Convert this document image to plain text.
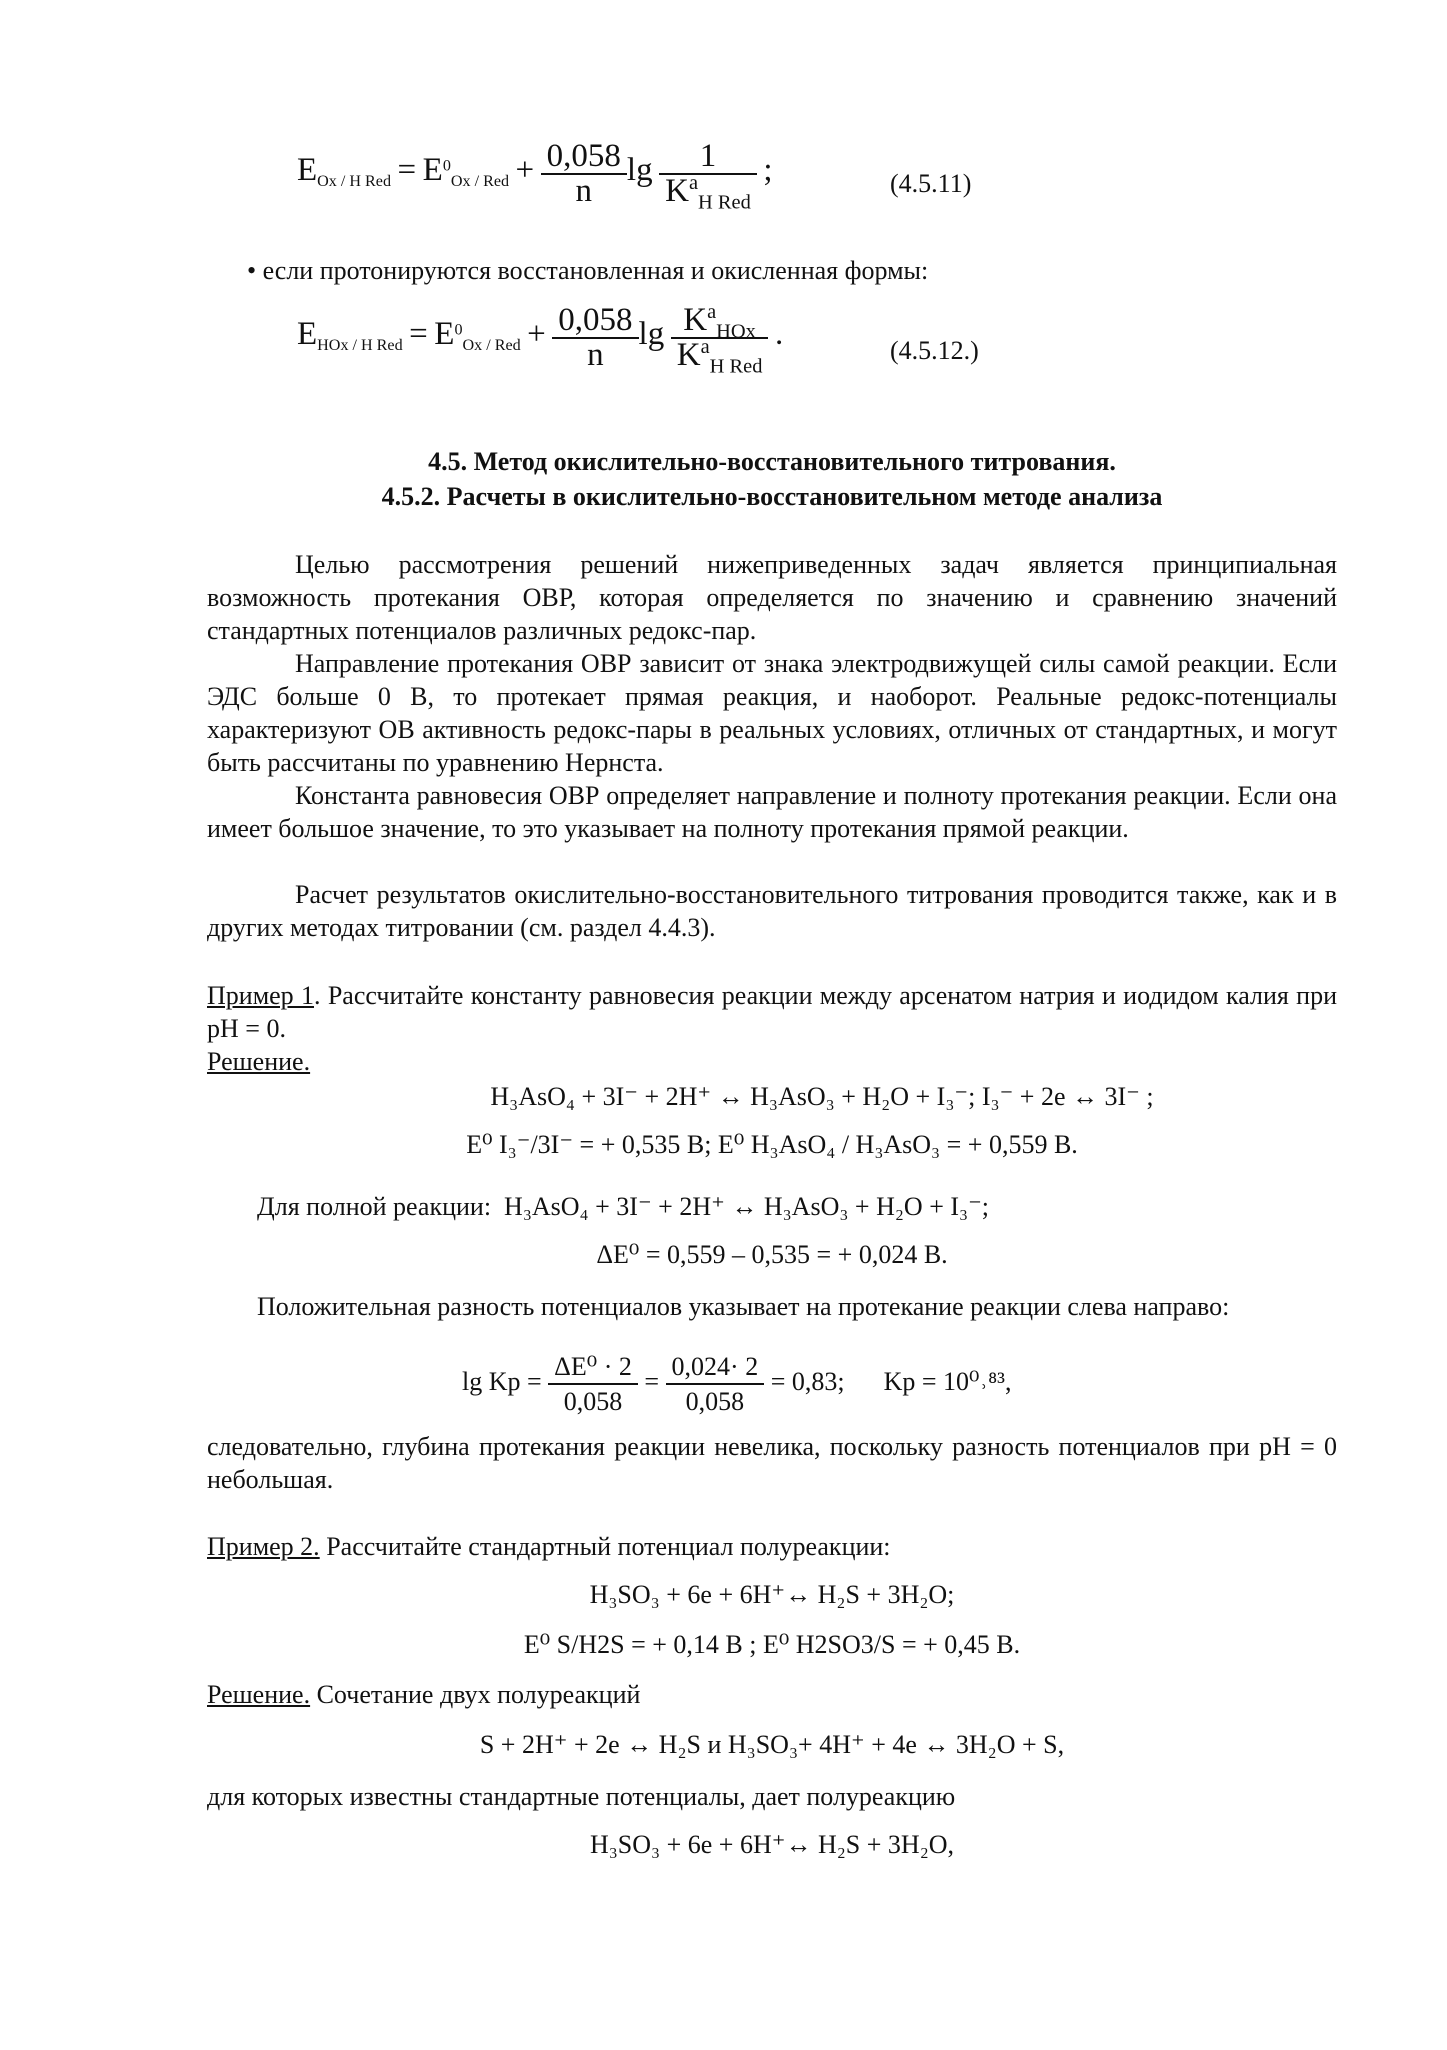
$E_{Ox / H Red} = E^0_{Ox / Red} + \frac{0,058}{n}$ $\lg \frac{1}{K^a_{H Red}}$ ;	(4.5.11)
• если протонируются восстановленная и окисленная формы:
$E_{HOx / H Red} = E^0_{Ox / Red} + \frac{0,058}{n}$ $\lg \frac{K^a_{HOx}}{K^a_{H Red}}$ .	(4.5.12.)
4.5. Метод окислительно-восстановительного титрования.
4.5.2. Расчеты в окислительно-восстановительном методе анализа

Целью рассмотрения решений нижеприведенных задач является принципиальная возможность протекания ОВР, которая определяется по значению и сравнению значений стандартных потенциалов различных редокс-пар.

Направление протекания ОВР зависит от знака электродвижущей силы самой реакции. Если ЭДС больше 0 В, то протекает прямая реакция, и наоборот. Реальные редокс-потенциалы характеризуют ОВ активность редокс-пары в реальных условиях, отличных от стандартных, и могут быть рассчитаны по уравнению Нернста.

Константа равновесия ОВР определяет направление и полноту протекания реакции. Если она имеет большое значение, то это указывает на полноту протекания прямой реакции.

Расчет результатов окислительно-восстановительного титрования проводится также, как и в других методах титровании (см. раздел 4.4.3).

Пример 1. Рассчитайте константу равновесия реакции между арсенатом натрия и иодидом калия при рН = 0.

Решение.

H₃AsO₄ + 3I⁻ + 2H⁺ ↔ H₃AsO₃ + H₂O + I₃⁻; I₃⁻ + 2e ↔ 3I⁻ ;
E⁰ I₃⁻/3I⁻ = + 0,535 В; E⁰ H₃AsO₄ / H₃AsO₃ = + 0,559 В.
Для полной реакции: H₃AsO₄ + 3I⁻ + 2H⁺ ↔ H₃AsO₃ + H₂O + I₃⁻;
ΔE⁰ = 0,559 – 0,535 = + 0,024 В.

Положительная разность потенциалов указывает на протекание реакции слева направо:

$\lg Kp = \frac{\text{ΔE⁰ · 2}}{0,058} = \frac{0,024\cdot 2}{0,058} = 0,83$; Kp = 10⁰˒⁸³,

следовательно, глубина протекания реакции невелика, поскольку разность потенциалов при рН = 0 небольшая.

Пример 2. Рассчитайте стандартный потенциал полуреакции:

H₃SO₃ + 6e + 6H⁺↔ H₂S + 3H₂O;
E⁰ S/H2S = + 0,14 В ; E⁰ H2SO3/S = + 0,45 В.

Решение. Сочетание двух полуреакций

S + 2H⁺ + 2e ↔ H₂S и H₃SO₃+ 4H⁺ + 4e ↔ 3H₂O + S,

для которых известны стандартные потенциалы, дает полуреакцию

H₃SO₃ + 6e + 6H⁺↔ H₂S + 3H₂O,
